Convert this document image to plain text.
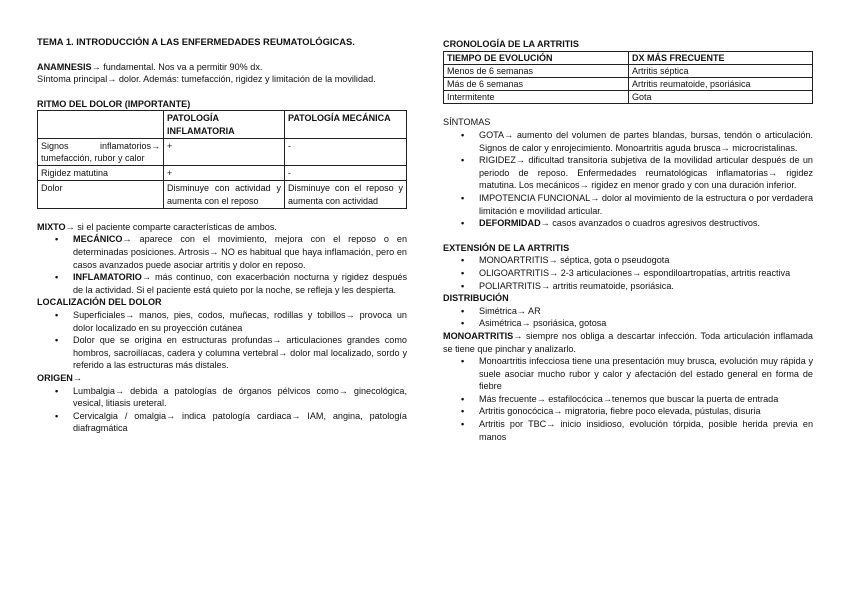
TEMA 1. INTRODUCCIÓN A LAS ENFERMEDADES REUMATOLÓGICAS.

ANAMNESIS→ fundamental. Nos va a permitir 90% dx.

Síntoma principal→ dolor. Además: tumefacción, rigidez y limitación de la movilidad.

RITMO DEL DOLOR (IMPORTANTE)

	PATOLOGÍA INFLAMATORIA	PATOLOGÍA MECÁNICA
Signos inflamatorios→ tumefacción, rubor y calor	+	-
Rigidez matutina	+	-
Dolor	Disminuye con actividad y aumenta con el reposo	Disminuye con el reposo y aumenta con actividad

MIXTO→ si el paciente comparte características de ambos.

• MECÁNICO→ aparece con el movimiento, mejora con el reposo o en determinadas posiciones. Artrosis→ NO es habitual que haya inflamación, pero en casos avanzados puede asociar artritis y dolor en reposo.
• INFLAMATORIO→ más continuo, con exacerbación nocturna y rigidez después de la actividad. Si el paciente está quieto por la noche, se refleja y les despierta.

LOCALIZACIÓN DEL DOLOR

• Superficiales→ manos, pies, codos, muñecas, rodillas y tobillos→ provoca un dolor localizado en su proyección cutánea
• Dolor que se origina en estructuras profundas→ articulaciones grandes como hombros, sacroilíacas, cadera y columna vertebral→ dolor mal localizado, sordo y referido a las estructuras más distales.

ORIGEN→

• Lumbalgia→ debida a patologías de órganos pélvicos como→ ginecológica, vesical, litiasis ureteral.
• Cervicalgia / omalgia→ indica patología cardiaca→ IAM, angina, patología diafragmática

CRONOLOGÍA DE LA ARTRITIS

TIEMPO DE EVOLUCIÓN	DX MÁS FRECUENTE
Menos de 6 semanas	Artritis séptica
Más de 6 semanas	Artritis reumatoide, psoriásica
Intermitente	Gota

SÍNTOMAS

• GOTA→ aumento del volumen de partes blandas, bursas, tendón o articulación. Signos de calor y enrojecimiento. Monoartritis aguda brusca→ microcristalinas.
• RIGIDEZ→ dificultad transitoria subjetiva de la movilidad articular después de un periodo de reposo. Enfermedades reumatológicas inflamatorias→ rigidez matutina. Los mecánicos→ rigidez en menor grado y con una duración inferior.
• IMPOTENCIA FUNCIONAL→ dolor al movimiento de la estructura o por verdadera limitación e movilidad articular.
• DEFORMIDAD→ casos avanzados o cuadros agresivos destructivos.

EXTENSIÓN DE LA ARTRITIS

• MONOARTRITIS→ séptica, gota o pseudogota
• OLIGOARTRITIS→ 2-3 articulaciones→ espondiloartropatías, artritis reactiva
• POLIARTRITIS→ artritis reumatoide, psoriásica.

DISTRIBUCIÓN

• Simétrica→ AR
• Asimétrica→ psoriásica, gotosa

MONOARTRITIS→ siempre nos obliga a descartar infección. Toda articulación inflamada se tiene que pinchar y analizarlo.

• Monoartritis infecciosa tiene una presentación muy brusca, evolución muy rápida y suele asociar mucho rubor y calor y afectación del estado general en forma de fiebre
• Más frecuente→ estafilocócica→tenemos que buscar la puerta de entrada
• Artritis gonocócica→ migratoria, fiebre poco elevada, pústulas, disuria
• Artritis por TBC→ inicio insidioso, evolución tórpida, posible herida previa en manos
